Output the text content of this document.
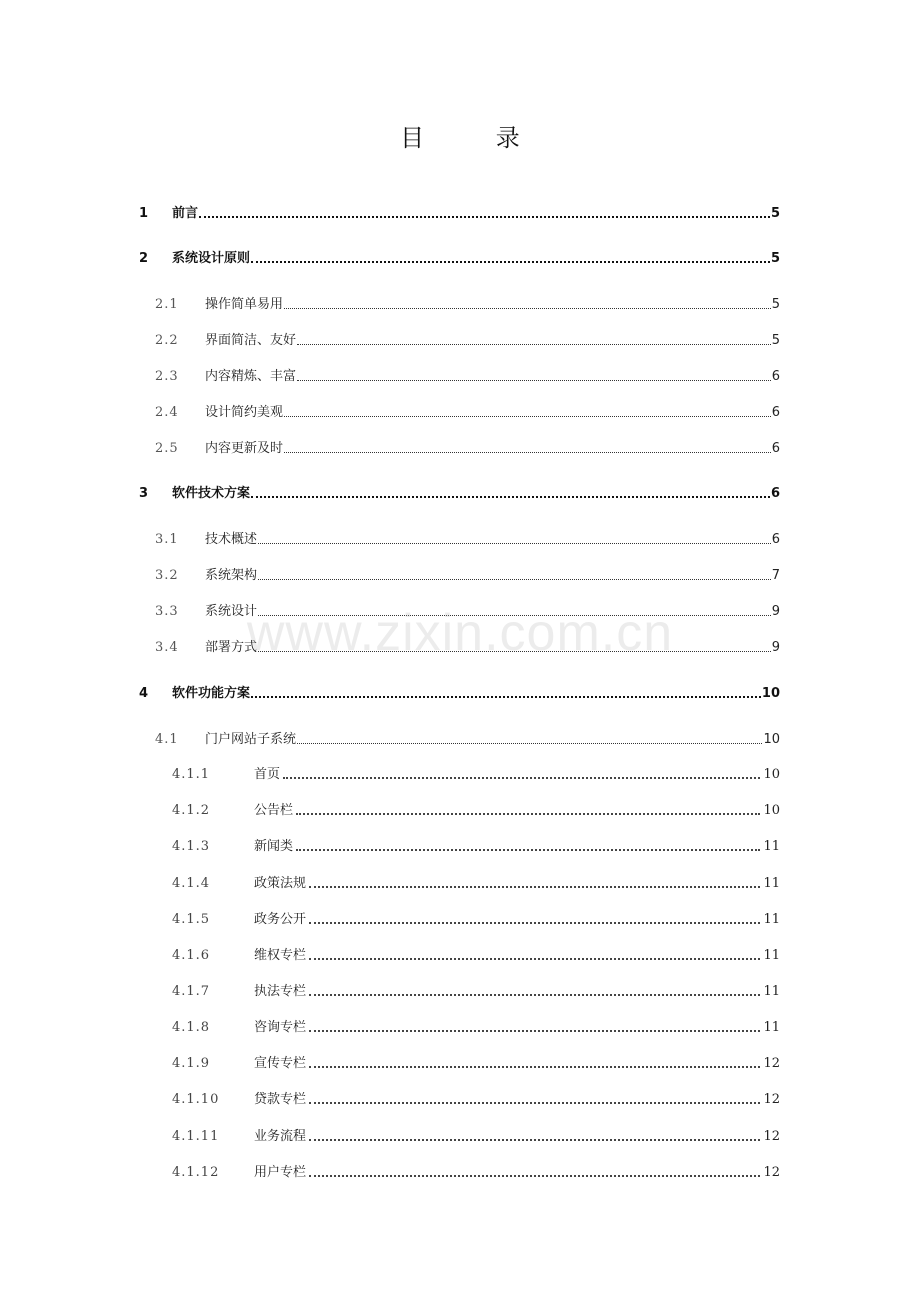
目 录
1	前言	5
2	系统设计原则	5
2.1	操作简单易用	5
2.2	界面简洁、友好	5
2.3	内容精炼、丰富	6
2.4	设计简约美观	6
2.5	内容更新及时	6
3	软件技术方案	6
3.1	技术概述	6
3.2	系统架构	7
3.3	系统设计	9
3.4	部署方式	9
4	软件功能方案	10
4.1	门户网站子系统	10
4.1.1	首页	10
4.1.2	公告栏	10
4.1.3	新闻类	11
4.1.4	政策法规	11
4.1.5	政务公开	11
4.1.6	维权专栏	11
4.1.7	执法专栏	11
4.1.8	咨询专栏	11
4.1.9	宣传专栏	12
4.1.10	贷款专栏	12
4.1.11	业务流程	12
4.1.12	用户专栏	12
www.zixin.com.cn
